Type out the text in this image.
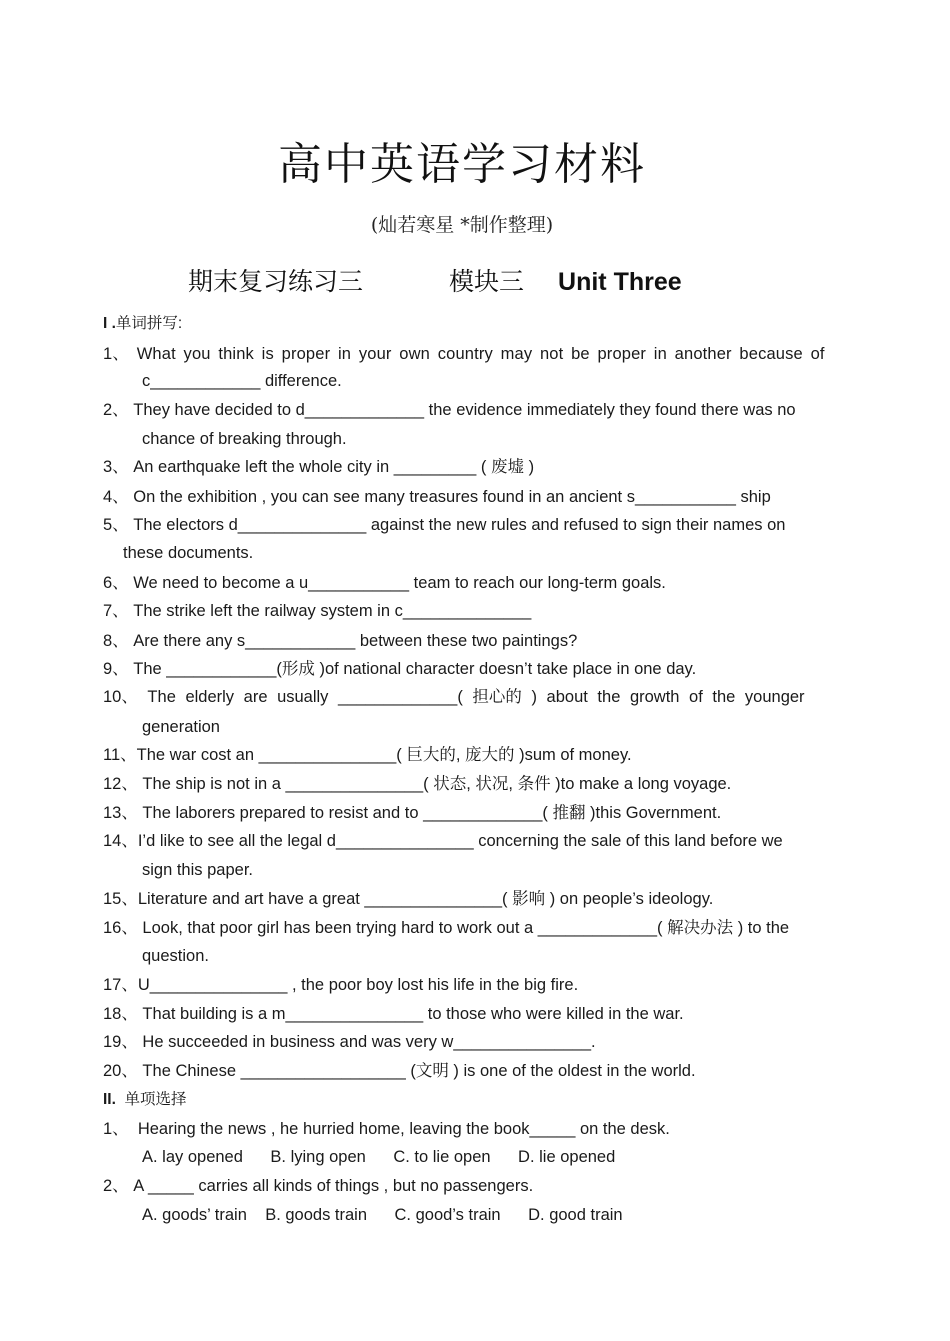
高中英语学习材料
(灿若寒星 *制作整理)
期末复习练习三	模块三 Unit Three
I .单词拼写:
1、 What you think is proper in your own country may not be proper in another because of
c____________ difference.
2、 They have decided to d_____________ the evidence immediately they found there was no
chance of breaking through.
3、 An earthquake left the whole city in _________ ( 废墟 )
4、 On the exhibition , you can see many treasures found in an ancient s___________ ship
5、 The electors d______________ against the new rules and refused to sign their names on
these documents.
6、 We need to become a u___________ team to reach our long-term goals.
7、 The strike left the railway system in c______________
8、 Are there any s____________ between these two paintings?
9、 The ____________(形成 )of national character doesn’t take place in one day.
10、 The elderly are usually _____________( 担心的 ) about the growth of the younger
generation
11、The war cost an _______________( 巨大的, 庞大的 )sum of money.
12、 The ship is not in a _______________( 状态, 状况, 条件 )to make a long voyage.
13、 The laborers prepared to resist and to _____________( 推翻 )this Government.
14、I’d like to see all the legal d_______________ concerning the sale of this land before we
sign this paper.
15、Literature and art have a great _______________( 影响 ) on people’s ideology.
16、 Look, that poor girl has been trying hard to work out a _____________( 解决办法 ) to the
question.
17、U_______________ , the poor boy lost his life in the big fire.
18、 That building is a m_______________ to those who were killed in the war.
19、 He succeeded in business and was very w_______________.
20、 The Chinese __________________ (文明 ) is one of the oldest in the world.
II. 单项选择
1、  Hearing the news , he hurried home, leaving the book_____ on the desk.
A. lay opened      B. lying open      C. to lie open      D. lie opened
2、 A _____ carries all kinds of things , but no passengers.
A. goods’ train    B. goods train      C. good’s train      D. good train
